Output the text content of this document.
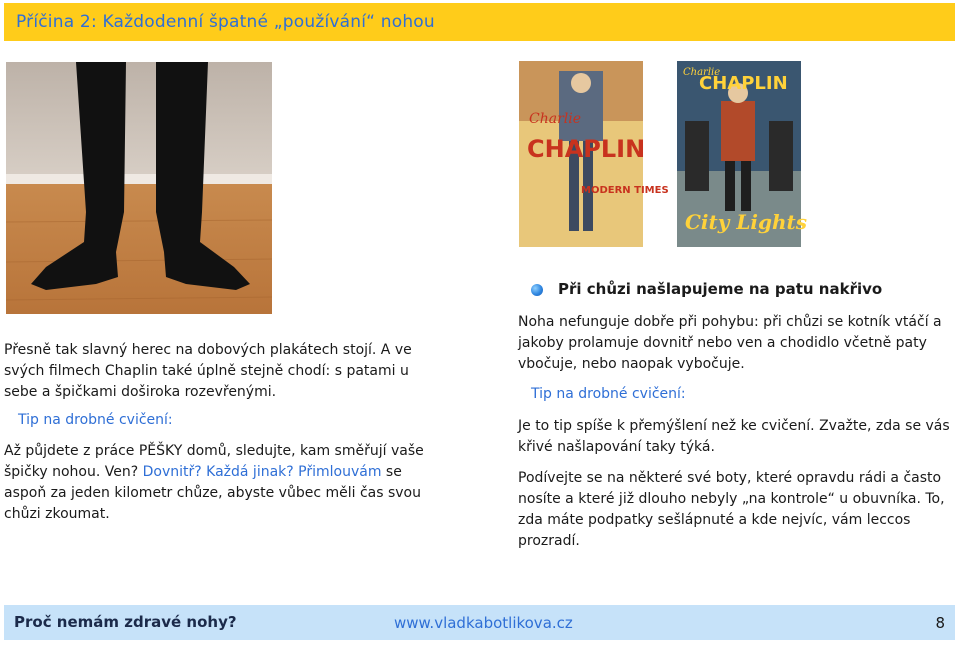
Příčina 2: Každodenní špatné „používání“ nohou
Charlie
CHAPLIN
MODERN TIMES
Charlie
CHAPLIN
City Lights
Přesně tak slavný herec na dobových plakátech stojí. A ve svých filmech Chaplin také úplně stejně chodí: s patami u sebe a špičkami doširoka rozevřenými.
Tip na drobné cvičení:
Až půjdete z práce PĚŠKY domů, sledujte, kam směřují vaše špičky nohou. Ven? Dovnitř? Každá jinak? Přimlouvám se aspoň za jeden kilometr chůze, abyste vůbec měli čas svou chůzi zkoumat.
Při chůzi našlapujeme na patu nakřivo
Noha nefunguje dobře při pohybu: při chůzi se kotník vtáčí a jakoby prolamuje dovnitř nebo ven a chodidlo včetně paty vbočuje, nebo naopak vybočuje.
Tip na drobné cvičení:
Je to tip spíše k přemýšlení než ke cvičení. Zvažte, zda se vás křivé našlapování taky týká.
Podívejte se na některé své boty, které opravdu rádi a často nosíte a které již dlouho nebyly „na kontrole“ u obuvníka. To, zda máte podpatky sešlápnuté a kde nejvíc, vám leccos prozradí.
Proč nemám zdravé nohy?	www.vladkabotlikova.cz	8
